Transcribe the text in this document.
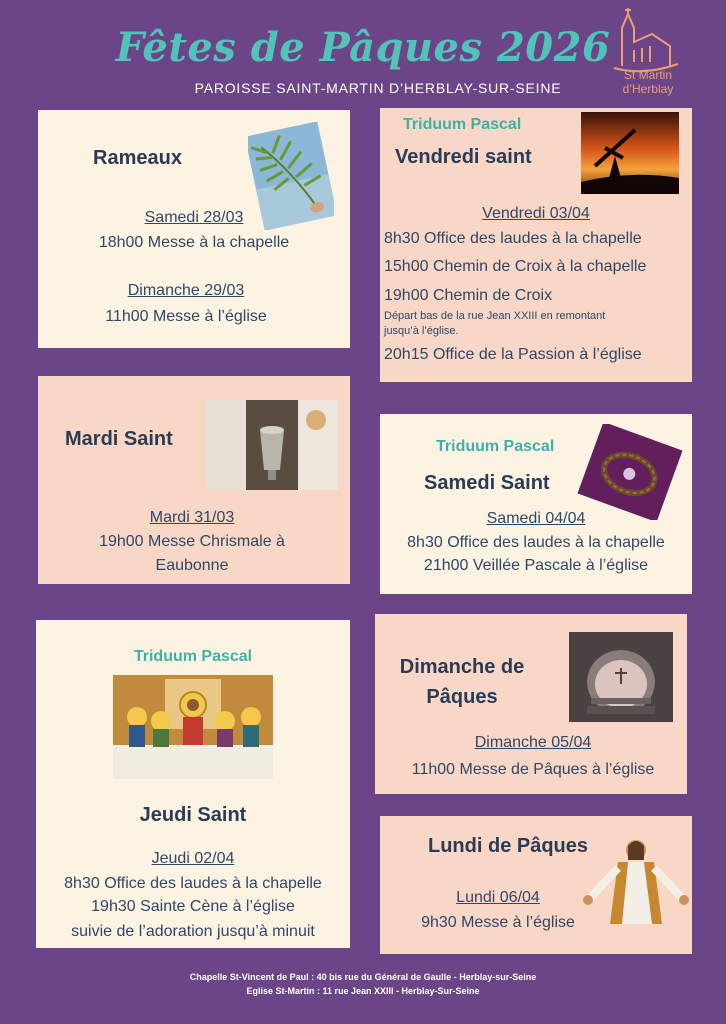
Fêtes de Pâques 2026
PAROISSE SAINT-MARTIN D’HERBLAY-SUR-SEINE
St Martin
d’Herblay
Rameaux
Samedi 28/03
18h00 Messe à la chapelle
Dimanche 29/03
11h00 Messe à l’église
Triduum Pascal
Vendredi saint
Vendredi 03/04
8h30 Office des laudes à la chapelle
15h00 Chemin de Croix à la chapelle
19h00 Chemin de Croix
Départ bas de la rue Jean XXIII en remontant
jusqu’à l’église.
20h15 Office de la Passion à l’église
Mardi Saint
Mardi 31/03
19h00 Messe Chrismale à
Eaubonne
Triduum Pascal
Samedi Saint
Samedi 04/04
8h30 Office des laudes à la chapelle
21h00 Veillée Pascale à l’église
Triduum Pascal
Jeudi Saint
Jeudi 02/04
8h30 Office des laudes à la chapelle
19h30 Sainte Cène à l’église
suivie de l’adoration jusqu’à minuit
Dimanche de
Pâques
Dimanche 05/04
11h00 Messe de Pâques à l’église
Lundi de Pâques
Lundi 06/04
9h30 Messe à l’église
Chapelle St-Vincent de Paul : 40 bis rue du Général de Gaulle - Herblay-sur-Seine
Eglise St-Martin : 11 rue Jean XXIII - Herblay-Sur-Seine
